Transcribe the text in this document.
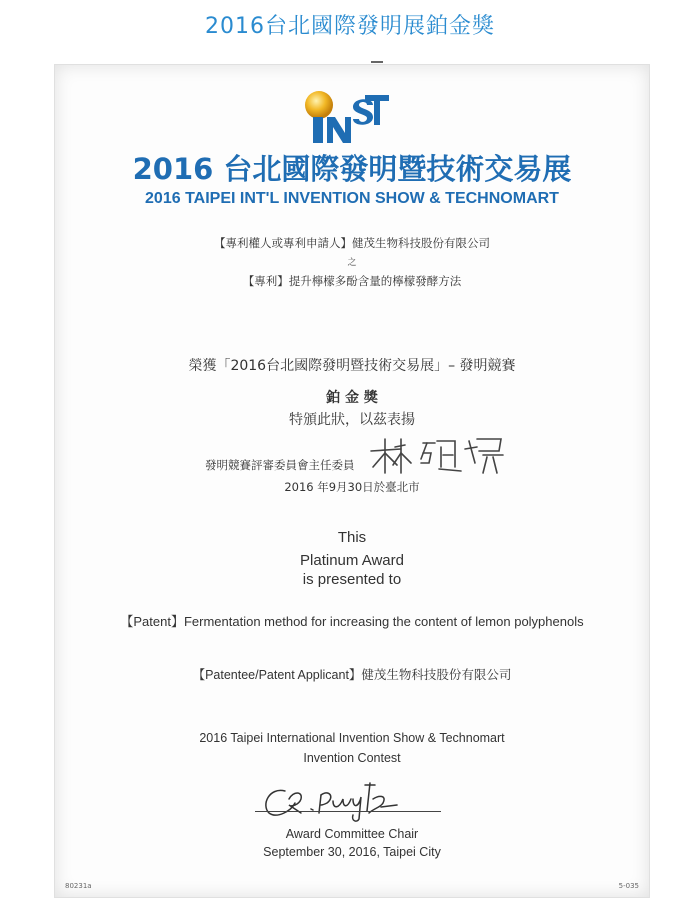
2016台北國際發明展鉑金獎
2016 台北國際發明暨技術交易展
2016 TAIPEI INT'L INVENTION SHOW & TECHNOMART
【專利權人或專利申請人】健茂生物科技股份有限公司
之
【專利】提升檸檬多酚含量的檸檬發酵方法
榮獲「2016台北國際發明暨技術交易展」– 發明競賽
鉑 金 獎
特頒此狀，以茲表揚
發明競賽評審委員會主任委員
2016 年9月30日於臺北市
This
Platinum Award
is presented to
【Patent】Fermentation method for increasing the content of lemon polyphenols
【Patentee/Patent Applicant】健茂生物科技股份有限公司
2016 Taipei International Invention Show & Technomart
Invention Contest
Award Committee Chair
September 30, 2016, Taipei City
80231a	5-035
